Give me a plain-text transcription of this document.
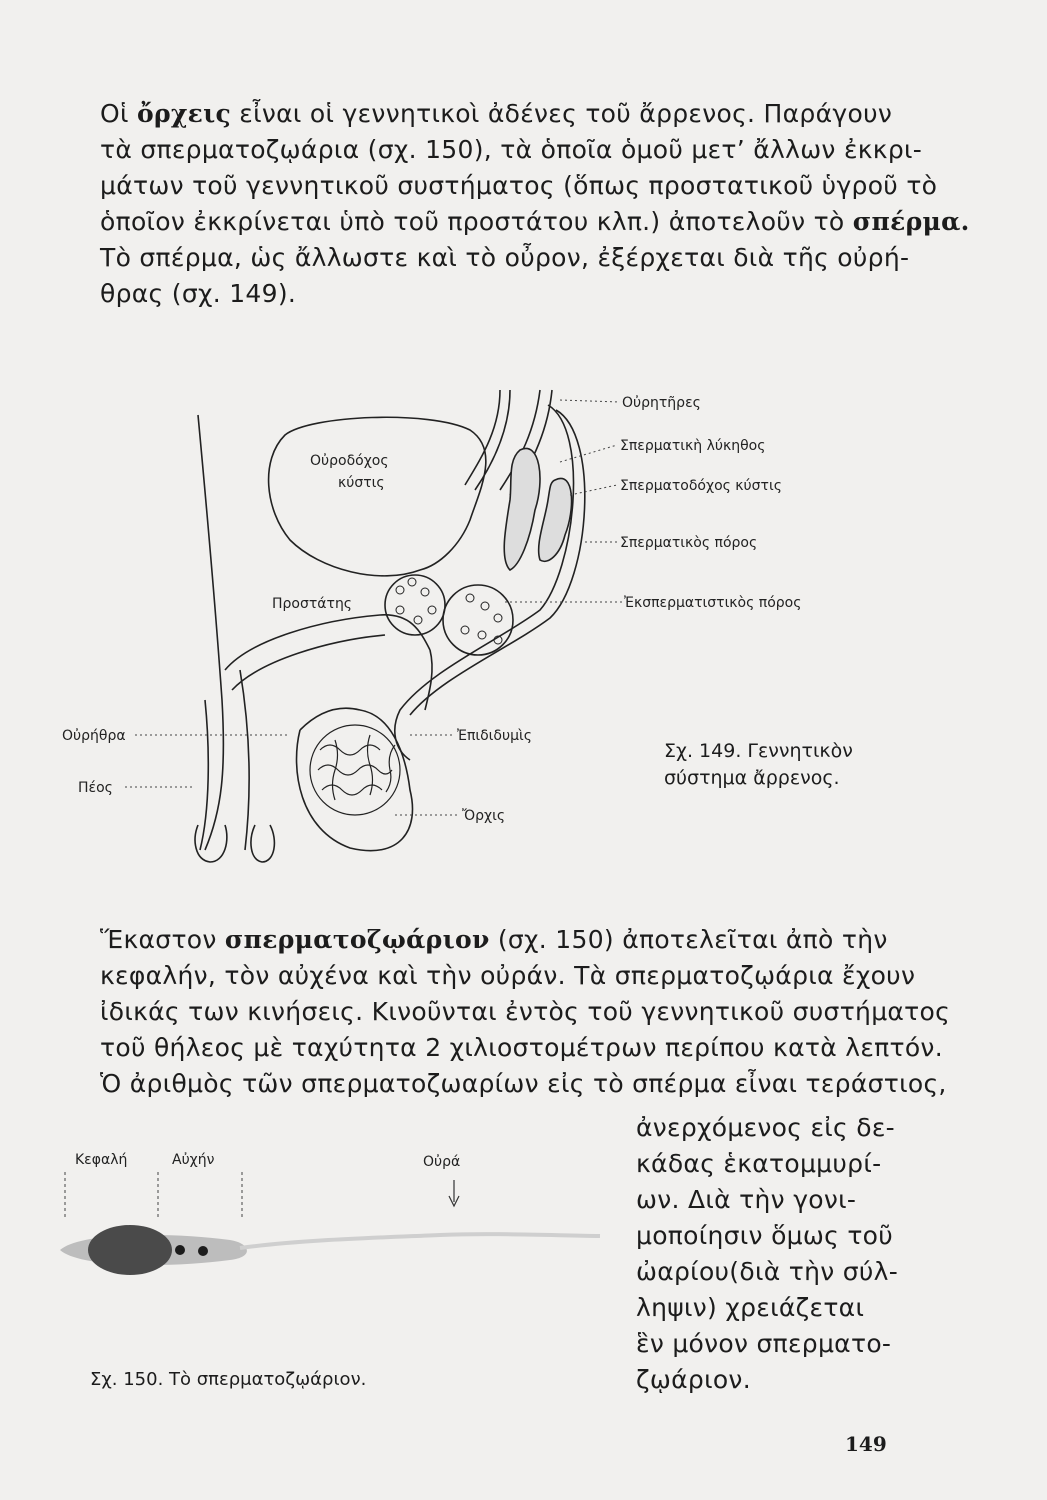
Οἱ ὄρχεις εἶναι οἱ γεννητικοὶ ἀδένες τοῦ ἄρρενος. Παράγουν
τὰ σπερματοζῳάρια (σχ. 150), τὰ ὁποῖα ὁμοῦ μετ’ ἄλλων ἐκκρι-
μάτων τοῦ γεννητικοῦ συστήματος (ὅπως προστατικοῦ ὑγροῦ τὸ
ὁποῖον ἐκκρίνεται ὑπὸ τοῦ προστάτου κλπ.) ἀποτελοῦν τὸ σπέρμα.
Τὸ σπέρμα, ὡς ἄλλωστε καὶ τὸ οὖρον, ἐξέρχεται διὰ τῆς οὐρή-
θρας (σχ. 149).
Οὐροδόχος
κύστις
Προστάτης
Οὐρήθρα
Πέος
Οὐρητῆρες
Σπερματικὴ λύκηθος
Σπερματοδόχος κύστις
Σπερματικὸς πόρος
Ἐκσπερματιστικὸς πόρος
Ἐπιδιδυμὶς
Ὄρχις
Σχ. 149. Γεννητικὸν
σύστημα ἄρρενος.
Ἕκαστον σπερματοζῳάριον (σχ. 150) ἀποτελεῖται ἀπὸ τὴν
κεφαλήν, τὸν αὐχένα καὶ τὴν οὐράν. Τὰ σπερματοζῳάρια ἔχουν
ἰδικάς των κινήσεις. Κινοῦνται ἐντὸς τοῦ γεννητικοῦ συστήματος
τοῦ θήλεος μὲ ταχύτητα 2 χιλιοστομέτρων περίπου κατὰ λεπτόν.
Ὁ ἀριθμὸς τῶν σπερματοζωαρίων εἰς τὸ σπέρμα εἶναι τεράστιος,
ἀνερχόμενος εἰς δε-
κάδας ἑκατομμυρί-
ων. Διὰ τὴν γονι-
μοποίησιν ὅμως τοῦ
ὠαρίου(διὰ τὴν σύλ-
ληψιν) χρειάζεται
ἓν μόνον σπερματο-
ζῳάριον.
Κεφαλή	Αὐχήν	Οὐρά
Σχ. 150. Τὸ σπερματοζῳάριον.
149
